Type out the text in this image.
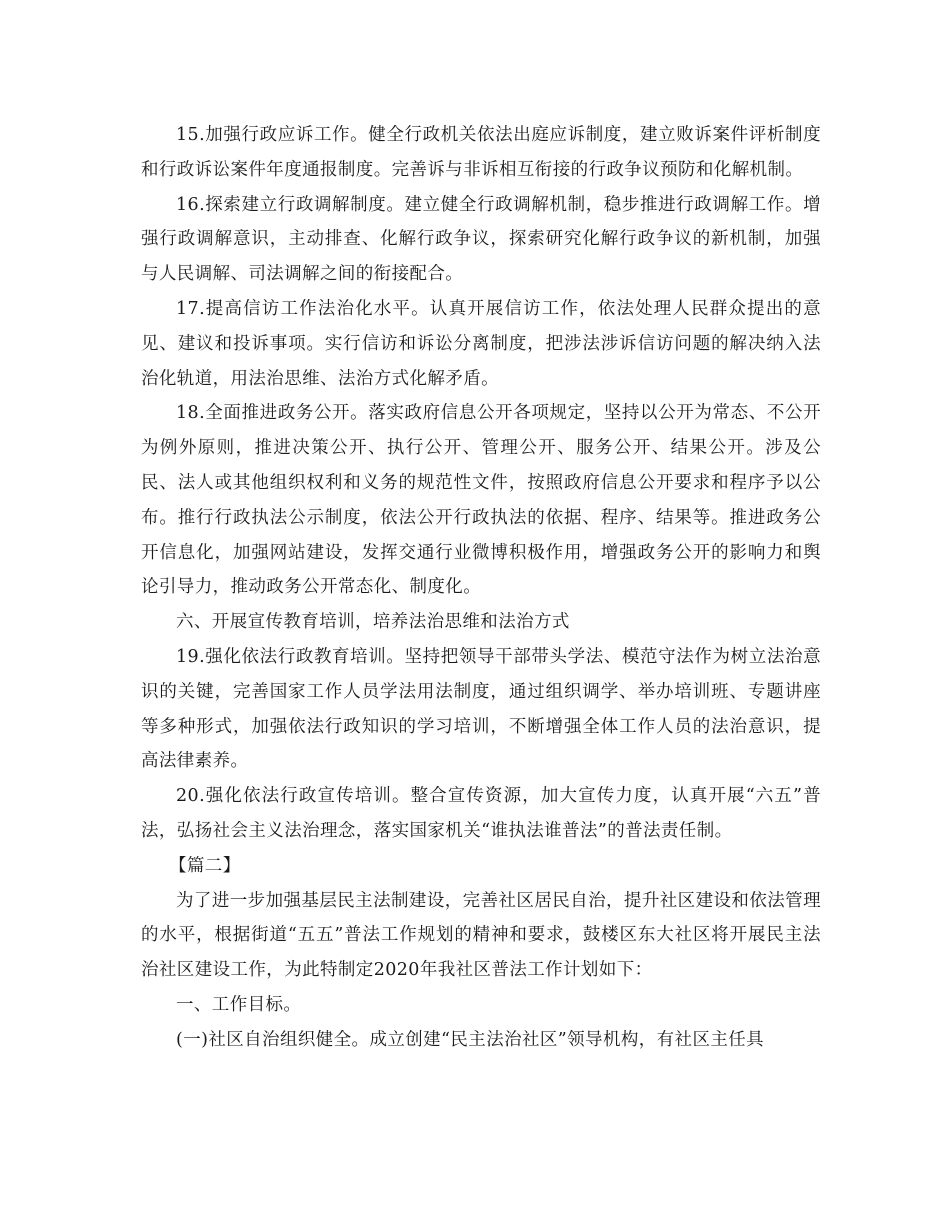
15.加强行政应诉工作。健全行政机关依法出庭应诉制度，建立败诉案件评析制度和行政诉讼案件年度通报制度。完善诉与非诉相互衔接的行政争议预防和化解机制。

16.探索建立行政调解制度。建立健全行政调解机制，稳步推进行政调解工作。增强行政调解意识，主动排查、化解行政争议，探索研究化解行政争议的新机制，加强与人民调解、司法调解之间的衔接配合。

17.提高信访工作法治化水平。认真开展信访工作，依法处理人民群众提出的意见、建议和投诉事项。实行信访和诉讼分离制度，把涉法涉诉信访问题的解决纳入法治化轨道，用法治思维、法治方式化解矛盾。

18.全面推进政务公开。落实政府信息公开各项规定，坚持以公开为常态、不公开为例外原则，推进决策公开、执行公开、管理公开、服务公开、结果公开。涉及公民、法人或其他组织权利和义务的规范性文件，按照政府信息公开要求和程序予以公布。推行行政执法公示制度，依法公开行政执法的依据、程序、结果等。推进政务公开信息化，加强网站建设，发挥交通行业微博积极作用，增强政务公开的影响力和舆论引导力，推动政务公开常态化、制度化。

六、开展宣传教育培训，培养法治思维和法治方式

19.强化依法行政教育培训。坚持把领导干部带头学法、模范守法作为树立法治意识的关键，完善国家工作人员学法用法制度，通过组织调学、举办培训班、专题讲座等多种形式，加强依法行政知识的学习培训，不断增强全体工作人员的法治意识，提高法律素养。

20.强化依法行政宣传培训。整合宣传资源，加大宣传力度，认真开展“六五”普法，弘扬社会主义法治理念，落实国家机关“谁执法谁普法”的普法责任制。

【篇二】

为了进一步加强基层民主法制建设，完善社区居民自治，提升社区建设和依法管理的水平，根据街道“五五”普法工作规划的精神和要求，鼓楼区东大社区将开展民主法治社区建设工作，为此特制定2020年我社区普法工作计划如下：

一、工作目标。

(一)社区自治组织健全。成立创建“民主法治社区”领导机构，有社区主任具
